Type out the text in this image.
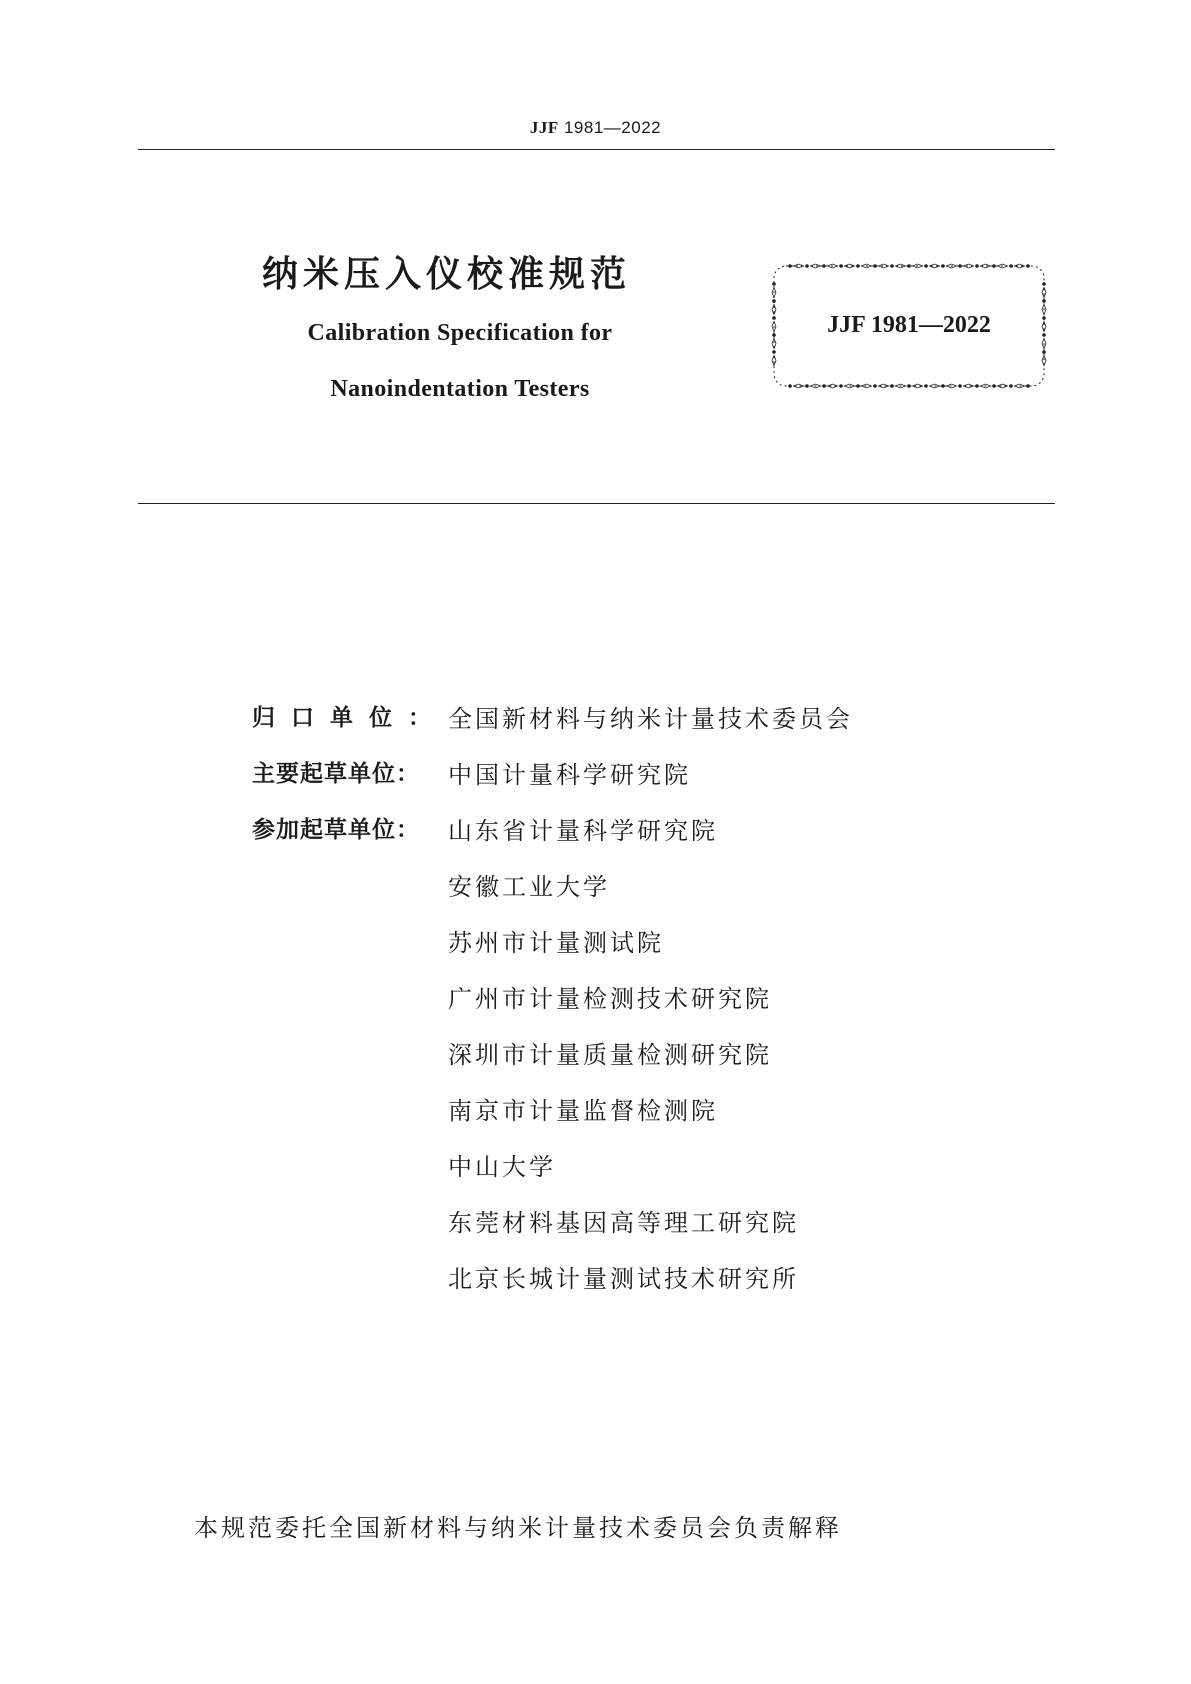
JJF 1981—2022
纳米压入仪校准规范
Calibration Specification for
Nanoindentation Testers
JJF 1981—2022
归口单位： 全国新材料与纳米计量技术委员会
主要起草单位： 中国计量科学研究院
参加起草单位： 山东省计量科学研究院
安徽工业大学
苏州市计量测试院
广州市计量检测技术研究院
深圳市计量质量检测研究院
南京市计量监督检测院
中山大学
东莞材料基因高等理工研究院
北京长城计量测试技术研究所
本规范委托全国新材料与纳米计量技术委员会负责解释
